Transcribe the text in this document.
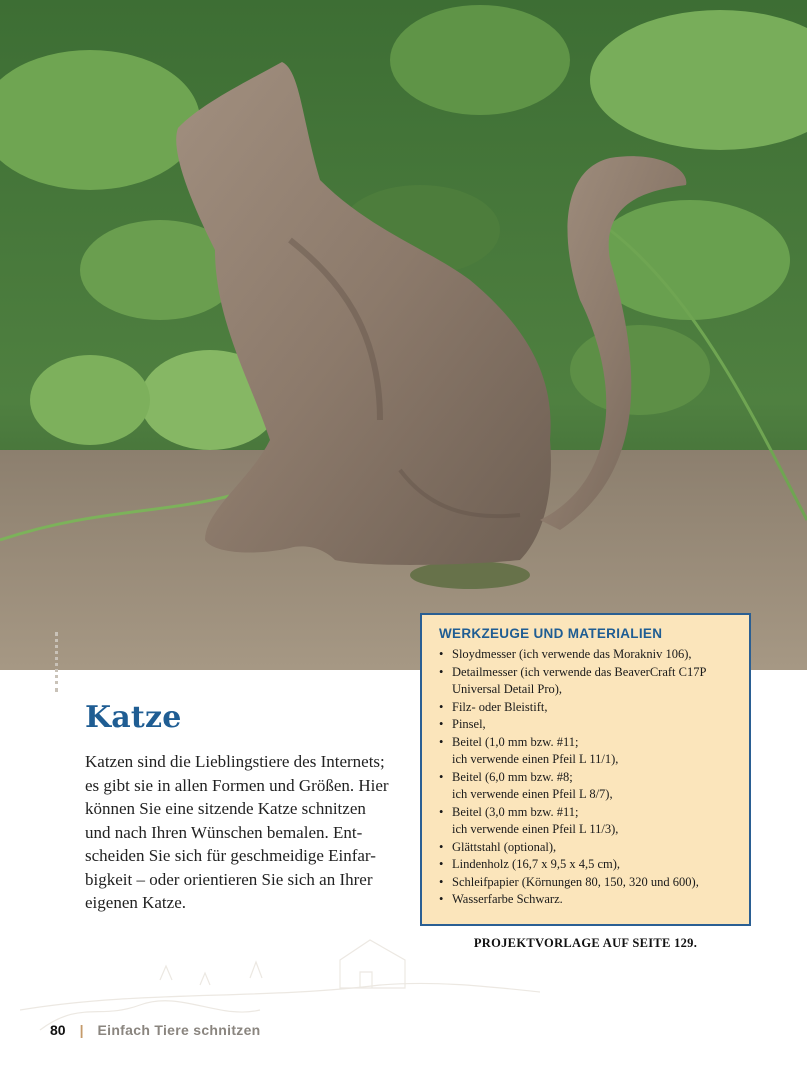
Katze

Katzen sind die Lieblingstiere des Internets;
es gibt sie in allen Formen und Größen. Hier
können Sie eine sitzende Katze schnitzen
und nach Ihren Wünschen bemalen. Ent-
scheiden Sie sich für geschmeidige Einfar-
bigkeit – oder orientieren Sie sich an Ihrer
eigenen Katze.

WERKZEUGE UND MATERIALIEN
• Sloydmesser (ich verwende das Morakniv 106),
• Detailmesser (ich verwende das BeaverCraft C17P
Universal Detail Pro),
• Filz- oder Bleistift,
• Pinsel,
• Beitel (1,0 mm bzw. #11;
ich verwende einen Pfeil L 11/1),
• Beitel (6,0 mm bzw. #8;
ich verwende einen Pfeil L 8/7),
• Beitel (3,0 mm bzw. #11;
ich verwende einen Pfeil L 11/3),
• Glättstahl (optional),
• Lindenholz (16,7 x 9,5 x 4,5 cm),
• Schleifpapier (Körnungen 80, 150, 320 und 600),
• Wasserfarbe Schwarz.
PROJEKTVORLAGE AUF SEITE 129.
80 | Einfach Tiere schnitzen
